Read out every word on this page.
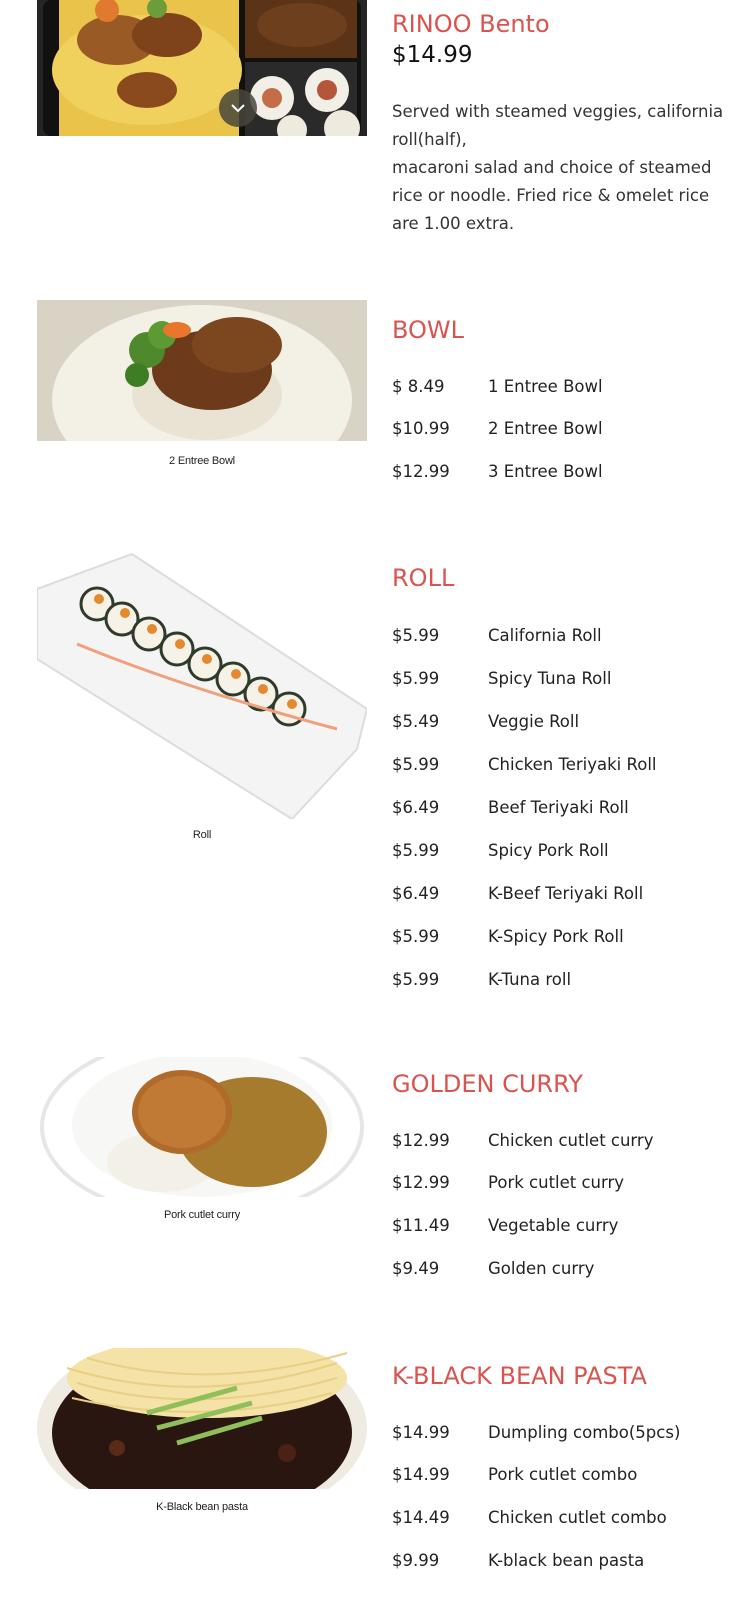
RINOO Bento
$14.99
Served with steamed veggies, california
roll(half),
macaroni salad and choice of steamed
rice or noodle. Fried rice & omelet rice
are 1.00 extra.
2 Entree Bowl
BOWL
$ 8.49	1 Entree Bowl
$10.99 2 Entree Bowl
$12.99 3 Entree Bowl
Roll
ROLL
$5.99	California Roll
$5.99	Spicy Tuna Roll
$5.49	Veggie Roll
$5.99	Chicken Teriyaki Roll
$6.49	Beef Teriyaki Roll
$5.99	Spicy Pork Roll
$6.49	K-Beef Teriyaki Roll
$5.99	K-Spicy Pork Roll
$5.99	K-Tuna roll
Pork cutlet curry
GOLDEN CURRY
$12.99 Chicken cutlet curry
$12.99 Pork cutlet curry
$11.49 Vegetable curry
$9.49	Golden curry
K-Black bean pasta
K-BLACK BEAN PASTA
$14.99 Dumpling combo(5pcs)
$14.99 Pork cutlet combo
$14.49 Chicken cutlet combo
$9.99	K-black bean pasta
